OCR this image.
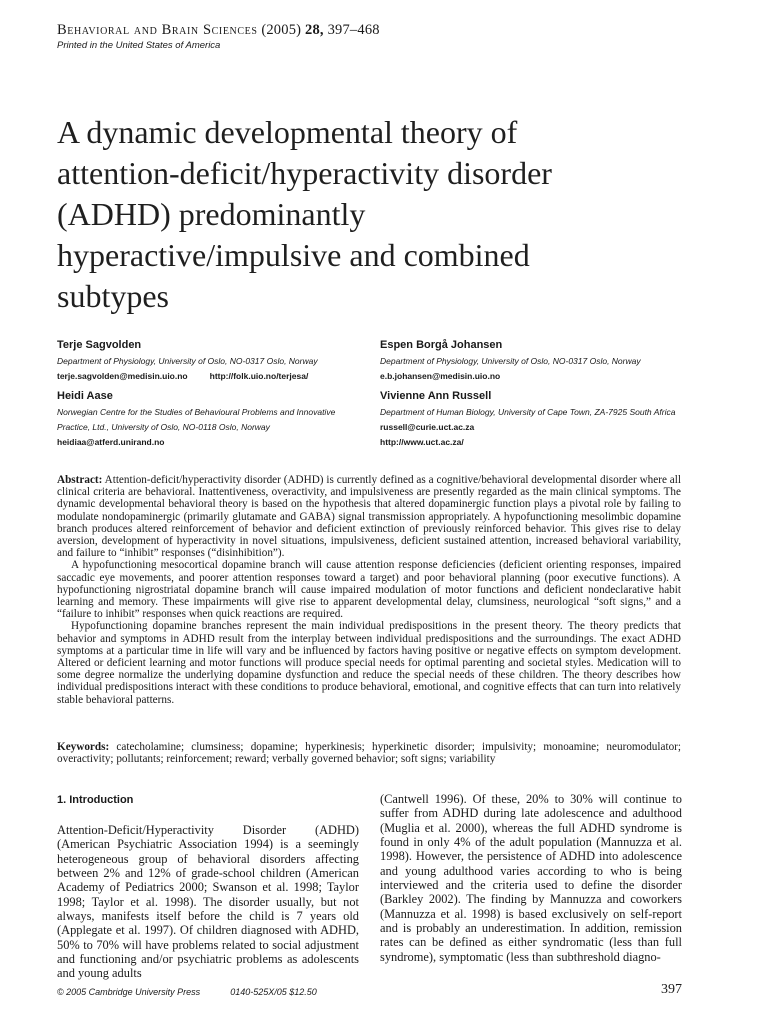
Behavioral and Brain Sciences (2005) 28, 397–468
Printed in the United States of America
A dynamic developmental theory of attention-deficit/hyperactivity disorder (ADHD) predominantly hyperactive/impulsive and combined subtypes
Terje Sagvolden
Department of Physiology, University of Oslo, NO-0317 Oslo, Norway
terje.sagvolden@medisin.uio.no	http://folk.uio.no/terjesa/
Espen Borgå Johansen
Department of Physiology, University of Oslo, NO-0317 Oslo, Norway
e.b.johansen@medisin.uio.no
Heidi Aase
Norwegian Centre for the Studies of Behavioural Problems and Innovative Practice, Ltd., University of Oslo, NO-0118 Oslo, Norway
heidiaa@atferd.unirand.no
Vivienne Ann Russell
Department of Human Biology, University of Cape Town, ZA-7925 South Africa
russell@curie.uct.ac.za
http://www.uct.ac.za/

Abstract: Attention-deficit/hyperactivity disorder (ADHD) is currently defined as a cognitive/behavioral developmental disorder where all clinical criteria are behavioral. Inattentiveness, overactivity, and impulsiveness are presently regarded as the main clinical symptoms. The dynamic developmental behavioral theory is based on the hypothesis that altered dopaminergic function plays a pivotal role by failing to modulate nondopaminergic (primarily glutamate and GABA) signal transmission appropriately. A hypofunctioning mesolimbic dopamine branch produces altered reinforcement of behavior and deficient extinction of previously reinforced behavior. This gives rise to delay aversion, development of hyperactivity in novel situations, impulsiveness, deficient sustained attention, increased behavioral variability, and failure to “inhibit” responses (“disinhibition”).

A hypofunctioning mesocortical dopamine branch will cause attention response deficiencies (deficient orienting responses, impaired saccadic eye movements, and poorer attention responses toward a target) and poor behavioral planning (poor executive functions). A hypofunctioning nigrostriatal dopamine branch will cause impaired modulation of motor functions and deficient nondeclarative habit learning and memory. These impairments will give rise to apparent developmental delay, clumsiness, neurological “soft signs,” and a “failure to inhibit” responses when quick reactions are required.

Hypofunctioning dopamine branches represent the main individual predispositions in the present theory. The theory predicts that behavior and symptoms in ADHD result from the interplay between individual predispositions and the surroundings. The exact ADHD symptoms at a particular time in life will vary and be influenced by factors having positive or negative effects on symptom development. Altered or deficient learning and motor functions will produce special needs for optimal parenting and societal styles. Medication will to some degree normalize the underlying dopamine dysfunction and reduce the special needs of these children. The theory describes how individual predispositions interact with these conditions to produce behavioral, emotional, and cognitive effects that can turn into relatively stable behavioral patterns.

Keywords: catecholamine; clumsiness; dopamine; hyperkinesis; hyperkinetic disorder; impulsivity; monoamine; neuromodulator; overactivity; pollutants; reinforcement; reward; verbally governed behavior; soft signs; variability
1. Introduction

Attention-Deficit/Hyperactivity Disorder (ADHD) (American Psychiatric Association 1994) is a seemingly heterogeneous group of behavioral disorders affecting between 2% and 12% of grade-school children (American Academy of Pediatrics 2000; Swanson et al. 1998; Taylor 1998; Taylor et al. 1998). The disorder usually, but not always, manifests itself before the child is 7 years old (Applegate et al. 1997). Of children diagnosed with ADHD, 50% to 70% will have problems related to social adjustment and functioning and/or psychiatric problems as adolescents and young adults

(Cantwell 1996). Of these, 20% to 30% will continue to suffer from ADHD during late adolescence and adulthood (Muglia et al. 2000), whereas the full ADHD syndrome is found in only 4% of the adult population (Mannuzza et al. 1998). However, the persistence of ADHD into adolescence and young adulthood varies according to who is being interviewed and the criteria used to define the disorder (Barkley 2002). The finding by Mannuzza and coworkers (Mannuzza et al. 1998) is based exclusively on self-report and is probably an underestimation. In addition, remission rates can be defined as either syndromatic (less than full syndrome), symptomatic (less than subthreshold diagno-

© 2005 Cambridge University Press	0140-525X/05 $12.50	397
